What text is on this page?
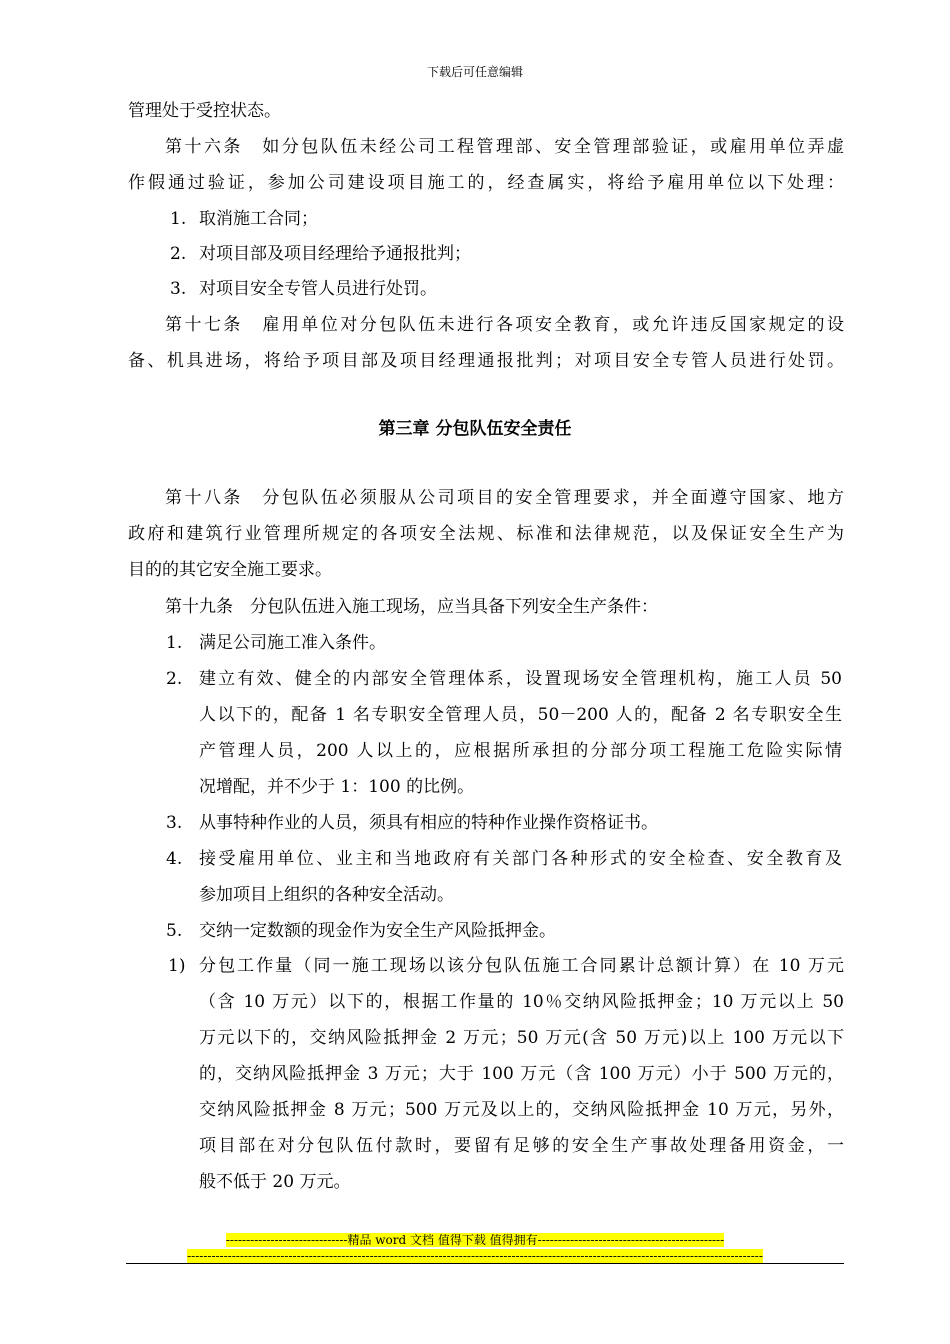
下载后可任意编辑
管理处于受控状态。
第十六条　如分包队伍未经公司工程管理部、安全管理部验证，或雇用单位弄虚
作假通过验证，参加公司建设项目施工的，经查属实，将给予雇用单位以下处理：
1. 取消施工合同；
2. 对项目部及项目经理给予通报批判；
3. 对项目安全专管人员进行处罚。
第十七条　雇用单位对分包队伍未进行各项安全教育，或允许违反国家规定的设
备、机具进场，将给予项目部及项目经理通报批判；对项目安全专管人员进行处罚。
第三章 分包队伍安全责任
第十八条　分包队伍必须服从公司项目的安全管理要求，并全面遵守国家、地方
政府和建筑行业管理所规定的各项安全法规、标准和法律规范，以及保证安全生产为
目的的其它安全施工要求。
第十九条　分包队伍进入施工现场，应当具备下列安全生产条件：
1. 满足公司施工准入条件。
2. 建立有效、健全的内部安全管理体系，设置现场安全管理机构，施工人员 50
人以下的，配备 1 名专职安全管理人员，50－200 人的，配备 2 名专职安全生
产管理人员，200 人以上的，应根据所承担的分部分项工程施工危险实际情
况增配，并不少于 1：100 的比例。
3. 从事特种作业的人员，须具有相应的特种作业操作资格证书。
4. 接受雇用单位、业主和当地政府有关部门各种形式的安全检查、安全教育及
参加项目上组织的各种安全活动。
5. 交纳一定数额的现金作为安全生产风险抵押金。
1) 分包工作量（同一施工现场以该分包队伍施工合同累计总额计算）在 10 万元
（含 10 万元）以下的，根据工作量的 10％交纳风险抵押金；10 万元以上 50
万元以下的，交纳风险抵押金 2 万元；50 万元(含 50 万元)以上 100 万元以下
的，交纳风险抵押金 3 万元；大于 100 万元（含 100 万元）小于 500 万元的，
交纳风险抵押金 8 万元；500 万元及以上的，交纳风险抵押金 10 万元，另外，
项目部在对分包队伍付款时，要留有足够的安全生产事故处理备用资金，一
般不低于 20 万元。
------------------------------精品 word 文档 值得下载 值得拥有----------------------------------------------
----------------------------------------------------------------------------------------------------------------------------------------------
